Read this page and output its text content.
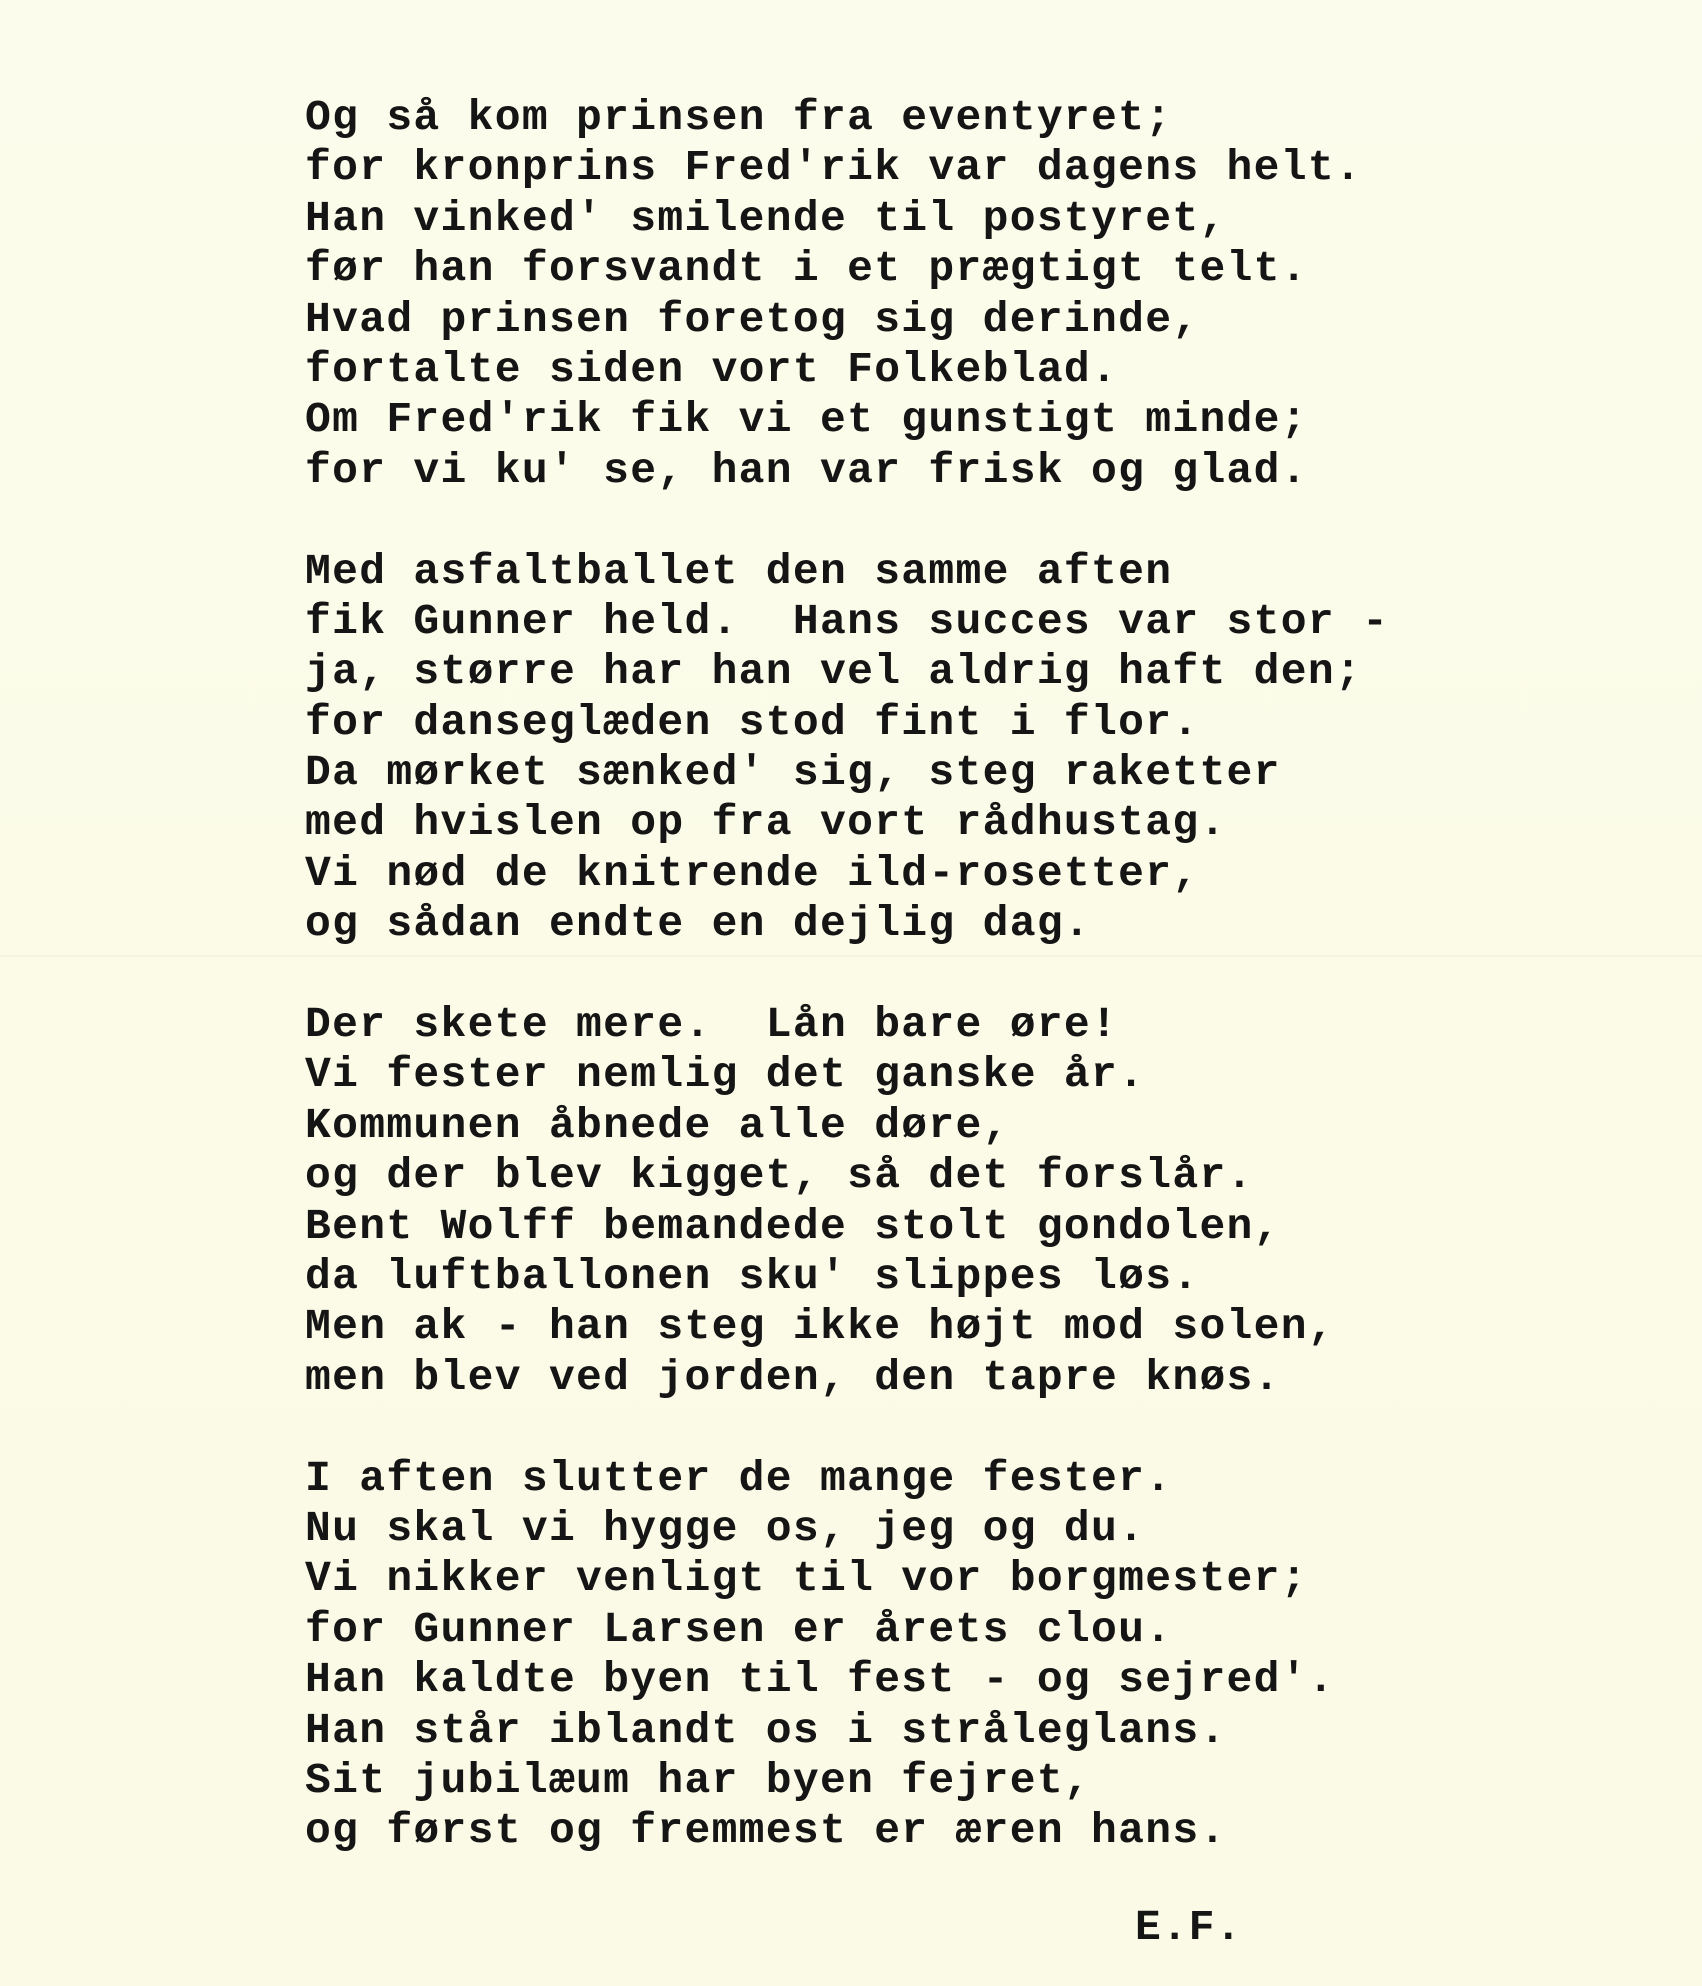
Og så kom prinsen fra eventyret;
for kronprins Fred'rik var dagens helt.
Han vinked' smilende til postyret,
før han forsvandt i et prægtigt telt.
Hvad prinsen foretog sig derinde,
fortalte siden vort Folkeblad.
Om Fred'rik fik vi et gunstigt minde;
for vi ku' se, han var frisk og glad.
Med asfaltballet den samme aften
fik Gunner held.  Hans succes var stor -
ja, større har han vel aldrig haft den;
for danseglæden stod fint i flor.
Da mørket sænked' sig, steg raketter
med hvislen op fra vort rådhustag.
Vi nød de knitrende ild-rosetter,
og sådan endte en dejlig dag.
Der skete mere.  Lån bare øre!
Vi fester nemlig det ganske år.
Kommunen åbnede alle døre,
og der blev kigget, så det forslår.
Bent Wolff bemandede stolt gondolen,
da luftballonen sku' slippes løs.
Men ak - han steg ikke højt mod solen,
men blev ved jorden, den tapre knøs.
I aften slutter de mange fester.
Nu skal vi hygge os, jeg og du.
Vi nikker venligt til vor borgmester;
for Gunner Larsen er årets clou.
Han kaldte byen til fest - og sejred'.
Han står iblandt os i stråleglans.
Sit jubilæum har byen fejret,
og først og fremmest er æren hans.
E.F.
